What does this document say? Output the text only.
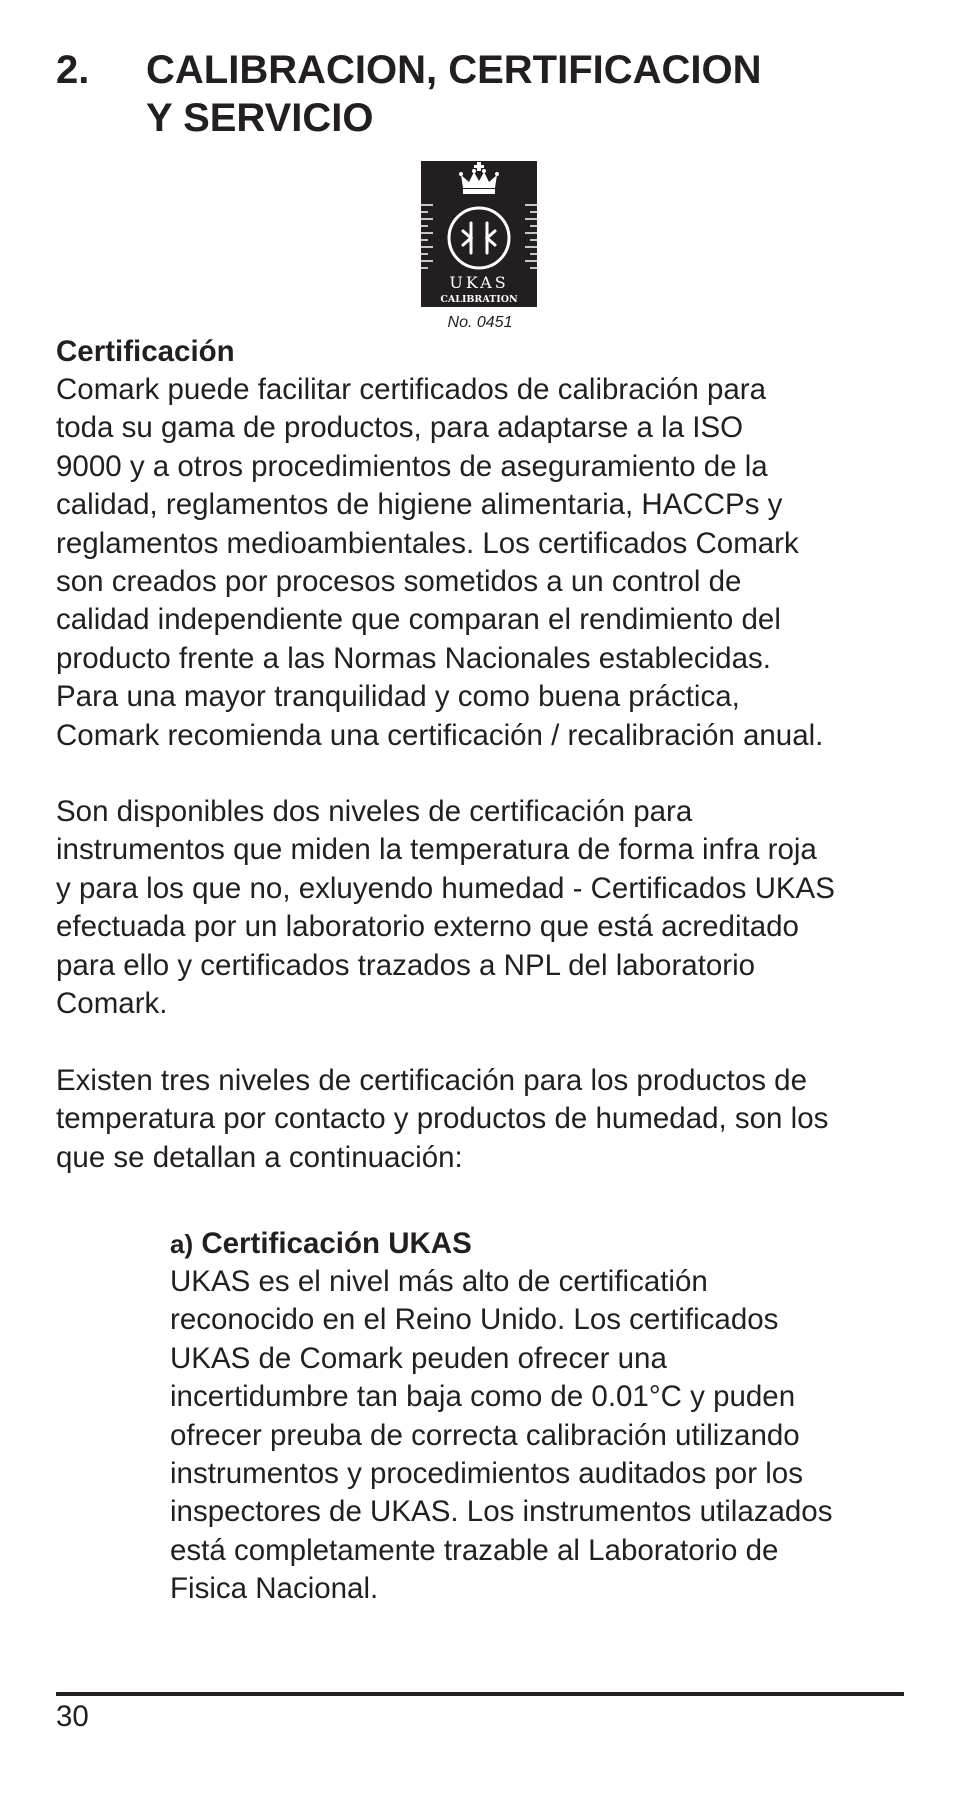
2. CALIBRACION, CERTIFICACION
Y SERVICIO
UKAS
CALIBRATION
No. 0451
Certificación
Comark puede facilitar certificados de calibración para
toda su gama de productos, para adaptarse a la ISO
9000 y a otros procedimientos de aseguramiento de la
calidad, reglamentos de higiene alimentaria, HACCPs y
reglamentos medioambientales. Los certificados Comark
son creados por procesos sometidos a un control de
calidad independiente que comparan el rendimiento del
producto frente a las Normas Nacionales establecidas.
Para una mayor tranquilidad y como buena práctica,
Comark recomienda una certificación / recalibración anual.
Son disponibles dos niveles de certificación para
instrumentos que miden la temperatura de forma infra roja
y para los que no, exluyendo humedad - Certificados UKAS
efectuada por un laboratorio externo que está acreditado
para ello y certificados trazados a NPL del laboratorio
Comark.
Existen tres niveles de certificación para los productos de
temperatura por contacto y productos de humedad, son los
que se detallan a continuación:
a) Certificación UKAS
UKAS es el nivel más alto de certificatión
reconocido en el Reino Unido. Los certificados
UKAS de Comark peuden ofrecer una
incertidumbre tan baja como de 0.01°C y puden
ofrecer preuba de correcta calibración utilizando
instrumentos y procedimientos auditados por los
inspectores de UKAS. Los instrumentos utilazados
está completamente trazable al Laboratorio de
Fisica Nacional.
30
